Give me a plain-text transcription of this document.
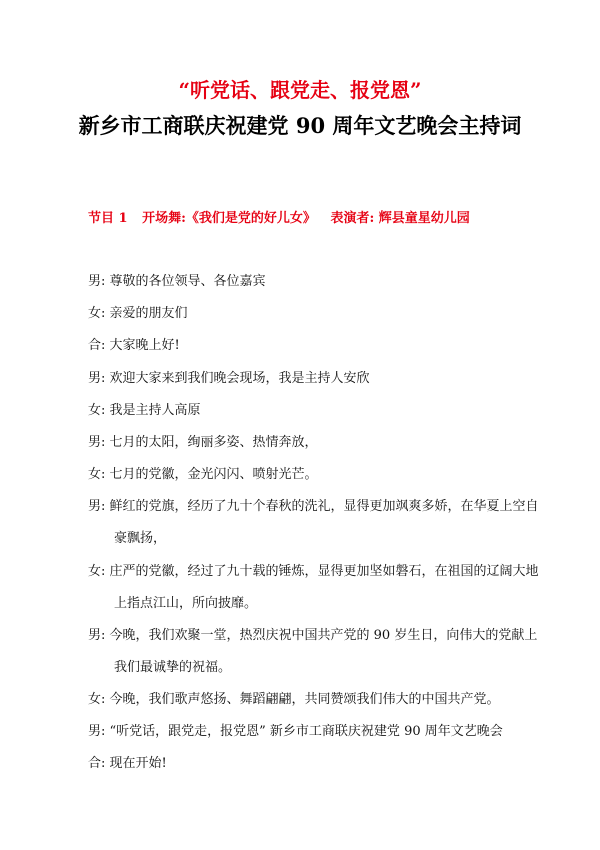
“听党话、跟党走、报党恩”
新乡市工商联庆祝建党 90 周年文艺晚会主持词
节目 1 开场舞:《我们是党的好儿女》 表演者: 辉县童星幼儿园
男: 尊敬的各位领导、各位嘉宾
女: 亲爱的朋友们
合: 大家晚上好!
男: 欢迎大家来到我们晚会现场，我是主持人安欣
女: 我是主持人高原
男: 七月的太阳，绚丽多姿、热情奔放，
女: 七月的党徽，金光闪闪、喷射光芒。
男: 鲜红的党旗，经历了九十个春秋的洗礼，显得更加飒爽多娇，在华夏上空自
豪飘扬，
女: 庄严的党徽，经过了九十载的锤炼，显得更加坚如磐石，在祖国的辽阔大地
上指点江山，所向披靡。
男: 今晚，我们欢聚一堂，热烈庆祝中国共产党的 90 岁生日，向伟大的党献上
我们最诚挚的祝福。
女: 今晚，我们歌声悠扬、舞蹈翩翩，共同赞颂我们伟大的中国共产党。
男: “听党话，跟党走，报党恩” 新乡市工商联庆祝建党 90 周年文艺晚会
合: 现在开始!
